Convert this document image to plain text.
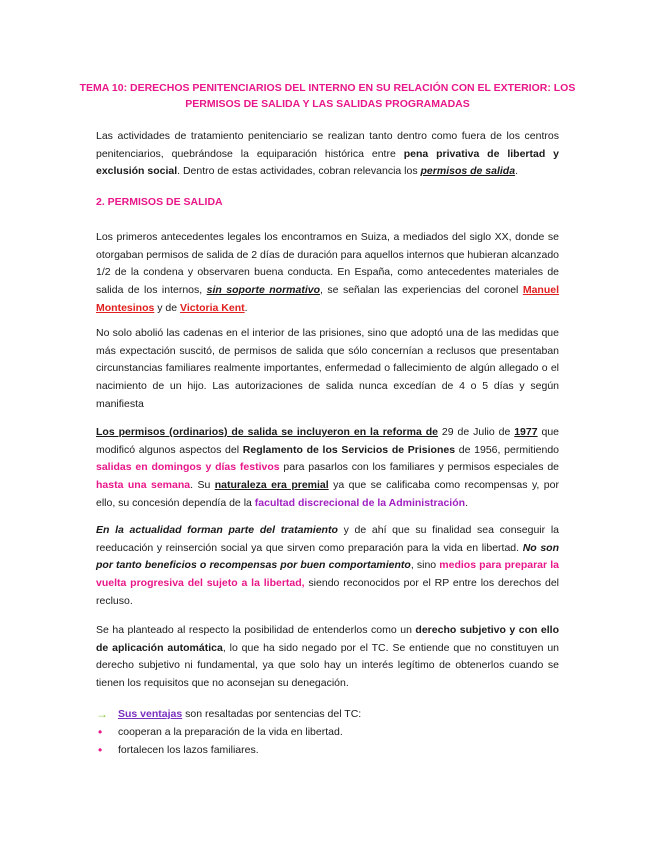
TEMA 10: DERECHOS PENITENCIARIOS DEL INTERNO EN SU RELACIÓN CON EL EXTERIOR: LOS
PERMISOS DE SALIDA Y LAS SALIDAS PROGRAMADAS
Las actividades de tratamiento penitenciario se realizan tanto dentro como fuera de los centros penitenciarios, quebrándose la equiparación histórica entre pena privativa de libertad y exclusión social. Dentro de estas actividades, cobran relevancia los permisos de salida.
2. PERMISOS DE SALIDA
Los primeros antecedentes legales los encontramos en Suiza, a mediados del siglo XX, donde se otorgaban permisos de salida de 2 días de duración para aquellos internos que hubieran alcanzado 1/2 de la condena y observaren buena conducta. En España, como antecedentes materiales de salida de los internos, sin soporte normativo, se señalan las experiencias del coronel Manuel Montesinos y de Victoria Kent.
No solo abolió las cadenas en el interior de las prisiones, sino que adoptó una de las medidas que más expectación suscitó, de permisos de salida que sólo concernían a reclusos que presentaban circunstancias familiares realmente importantes, enfermedad o fallecimiento de algún allegado o el nacimiento de un hijo. Las autorizaciones de salida nunca excedían de 4 o 5 días y según manifiesta
Los permisos (ordinarios) de salida se incluyeron en la reforma de 29 de Julio de 1977 que modificó algunos aspectos del Reglamento de los Servicios de Prisiones de 1956, permitiendo salidas en domingos y días festivos para pasarlos con los familiares y permisos especiales de hasta una semana. Su naturaleza era premial ya que se calificaba como recompensas y, por ello, su concesión dependía de la facultad discrecional de la Administración.
En la actualidad forman parte del tratamiento y de ahí que su finalidad sea conseguir la reeducación y reinserción social ya que sirven como preparación para la vida en libertad. No son por tanto beneficios o recompensas por buen comportamiento, sino medios para preparar la vuelta progresiva del sujeto a la libertad, siendo reconocidos por el RP entre los derechos del recluso.
Se ha planteado al respecto la posibilidad de entenderlos como un derecho subjetivo y con ello de aplicación automática, lo que ha sido negado por el TC. Se entiende que no constituyen un derecho subjetivo ni fundamental, ya que solo hay un interés legítimo de obtenerlos cuando se tienen los requisitos que no aconsejan su denegación.
→ Sus ventajas son resaltadas por sentencias del TC:
• cooperan a la preparación de la vida en libertad.
• fortalecen los lazos familiares.
